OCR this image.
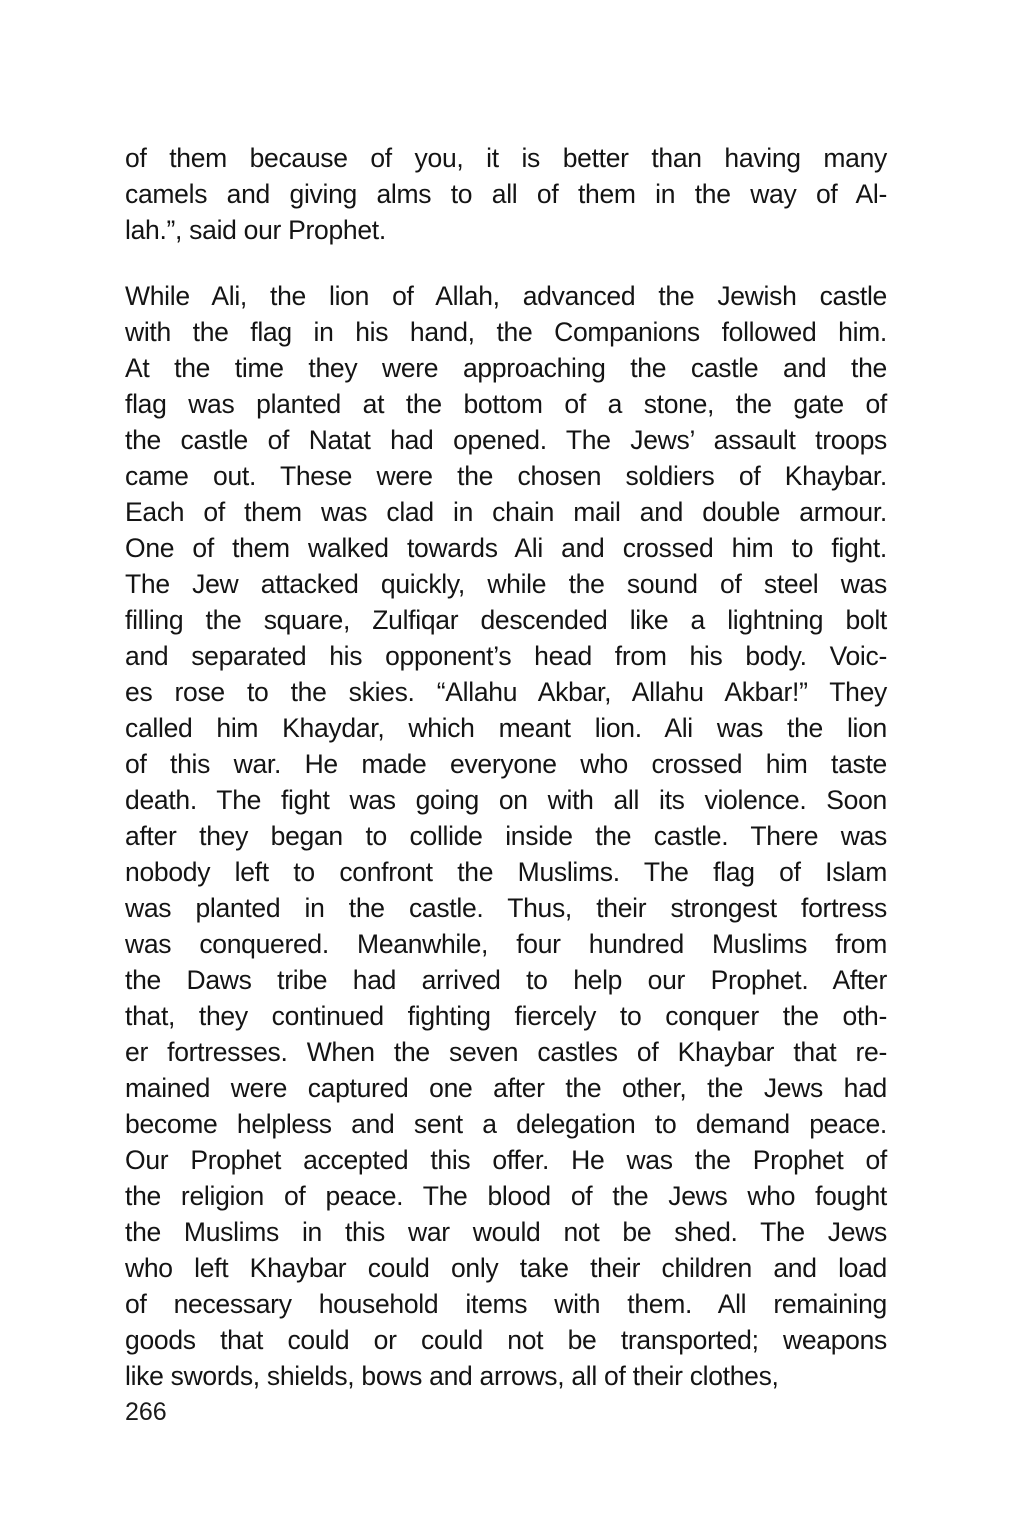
of them because of you, it is better than having many
camels and giving alms to all of them in the way of Al-
lah.”, said our Prophet.
While Ali, the lion of Allah, advanced the Jewish castle
with the flag in his hand, the Companions followed him.
At the time they were approaching the castle and the
flag was planted at the bottom of a stone, the gate of
the castle of Natat had opened. The Jews’ assault troops
came out. These were the chosen soldiers of Khaybar.
Each of them was clad in chain mail and double armour.
One of them walked towards Ali and crossed him to fight.
The Jew attacked quickly, while the sound of steel was
filling the square, Zulfiqar descended like a lightning bolt
and separated his opponent’s head from his body. Voic-
es rose to the skies. “Allahu Akbar, Allahu Akbar!” They
called him Khaydar, which meant lion. Ali was the lion
of this war. He made everyone who crossed him taste
death. The fight was going on with all its violence. Soon
after they began to collide inside the castle. There was
nobody left to confront the Muslims. The flag of Islam
was planted in the castle. Thus, their strongest fortress
was conquered. Meanwhile, four hundred Muslims from
the Daws tribe had arrived to help our Prophet. After
that, they continued fighting fiercely to conquer the oth-
er fortresses. When the seven castles of Khaybar that re-
mained were captured one after the other, the Jews had
become helpless and sent a delegation to demand peace.
Our Prophet accepted this offer. He was the Prophet of
the religion of peace. The blood of the Jews who fought
the Muslims in this war would not be shed. The Jews
who left Khaybar could only take their children and load
of necessary household items with them. All remaining
goods that could or could not be transported; weapons
like swords, shields, bows and arrows, all of their clothes,
266
